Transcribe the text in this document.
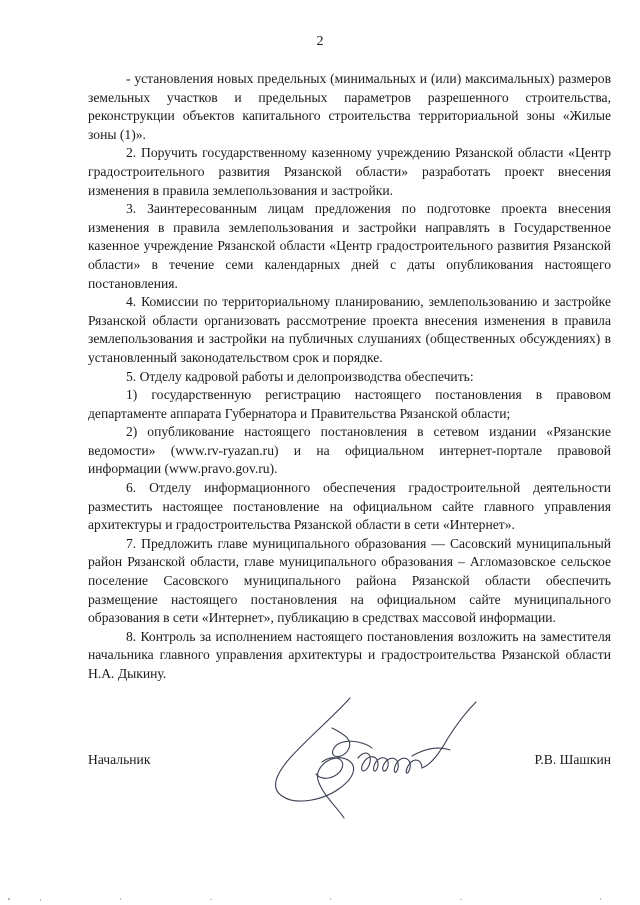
2

- установления новых предельных (минимальных и (или) максимальных) размеров земельных участков и предельных параметров разрешенного строительства, реконструкции объектов капитального строительства территориальной зоны «Жилые зоны (1)».

2. Поручить государственному казенному учреждению Рязанской области «Центр градостроительного развития Рязанской области» разработать проект внесения изменения в правила землепользования и застройки.

3. Заинтересованным лицам предложения по подготовке проекта внесения изменения в правила землепользования и застройки направлять в Государственное казенное учреждение Рязанской области «Центр градостроительного развития Рязанской области» в течение семи календарных дней с даты опубликования настоящего постановления.

4. Комиссии по территориальному планированию, землепользованию и застройке Рязанской области организовать рассмотрение проекта внесения изменения в правила землепользования и застройки на публичных слушаниях (общественных обсуждениях) в установленный законодательством срок и порядке.

5. Отделу кадровой работы и делопроизводства обеспечить:

1) государственную регистрацию настоящего постановления в правовом департаменте аппарата Губернатора и Правительства Рязанской области;

2) опубликование настоящего постановления в сетевом издании «Рязанские ведомости» (www.rv-ryazan.ru) и на официальном интернет-портале правовой информации (www.pravo.gov.ru).

6. Отделу информационного обеспечения градостроительной деятельности разместить настоящее постановление на официальном сайте главного управления архитектуры и градостроительства Рязанской области в сети «Интернет».

7. Предложить главе муниципального образования — Сасовский муниципальный район Рязанской области, главе муниципального образования – Агломазовское сельское поселение Сасовского муниципального района Рязанской области обеспечить размещение настоящего постановления на официальном сайте муниципального образования в сети «Интернет», публикацию в средствах массовой информации.

8. Контроль за исполнением настоящего постановления возложить на заместителя начальника главного управления архитектуры и градостроительства Рязанской области Н.А. Дыкину.

Начальник	Р.В. Шашкин
